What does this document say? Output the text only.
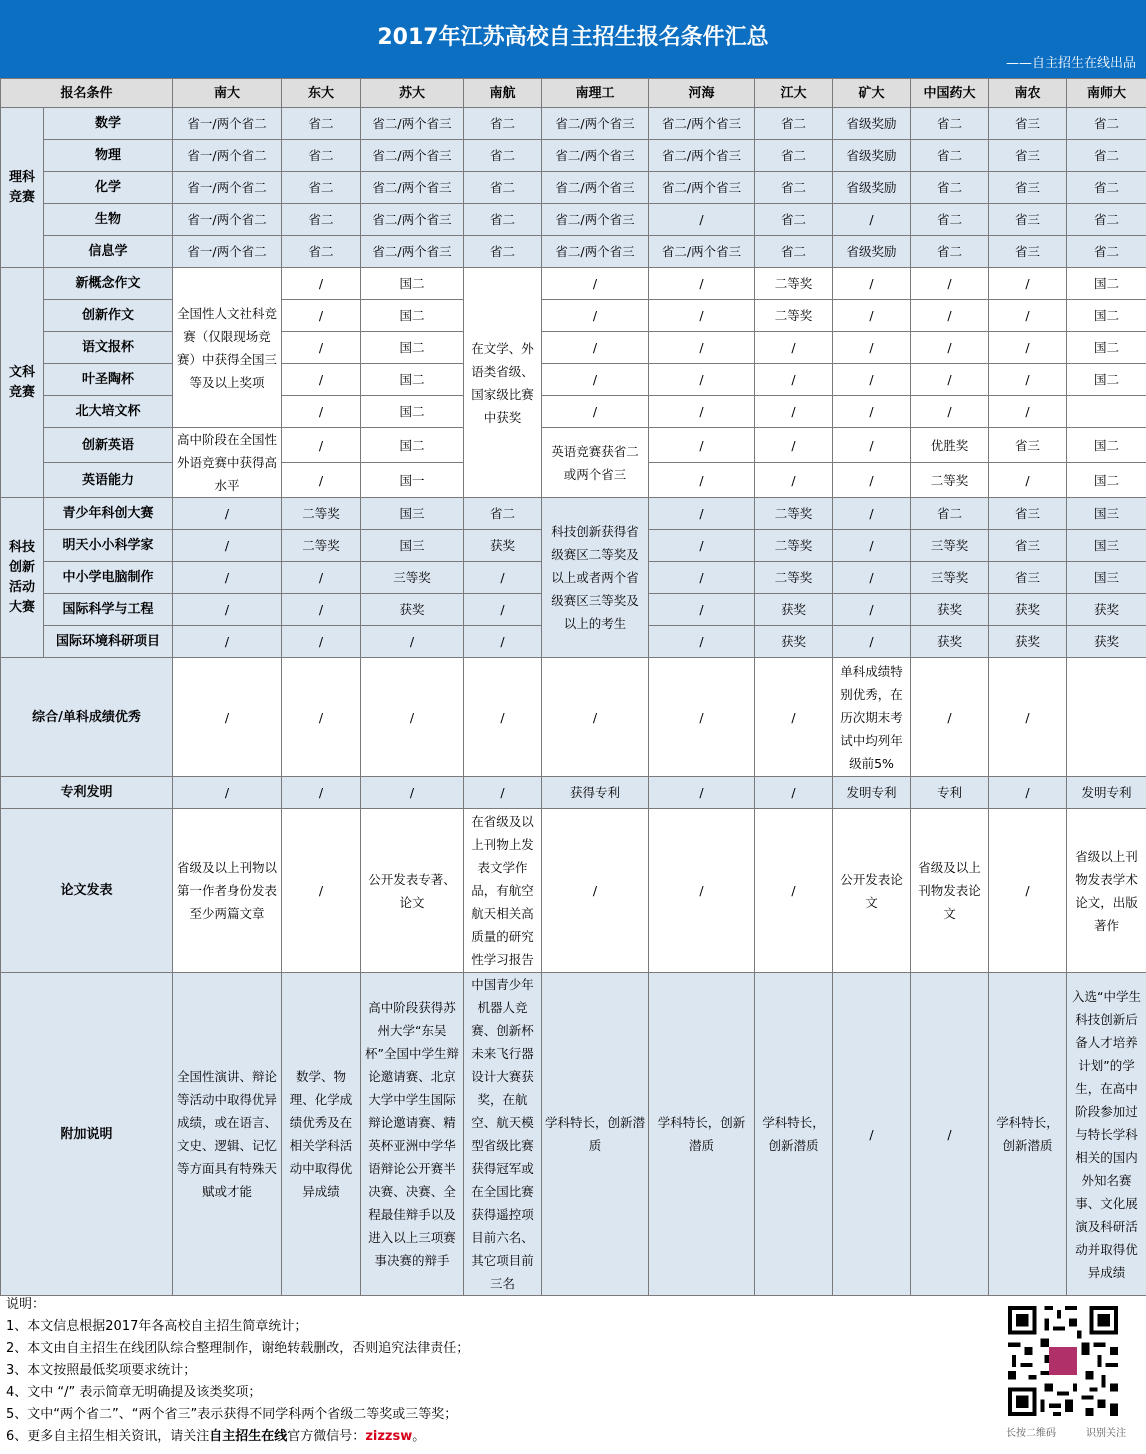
2017年江苏高校自主招生报名条件汇总
——自主招生在线出品
报名条件		南大	东大	苏大	南航	南理工	河海	江大	矿大	中国药大	南农	南师大
理科竞赛	数学	省一/两个省二	省二	省二/两个省三	省二	省二/两个省三	省二/两个省三	省二	省级奖励	省二	省三	省二
	物理	省一/两个省二	省二	省二/两个省三	省二	省二/两个省三	省二/两个省三	省二	省级奖励	省二	省三	省二
	化学	省一/两个省二	省二	省二/两个省三	省二	省二/两个省三	省二/两个省三	省二	省级奖励	省二	省三	省二
	生物	省一/两个省二	省二	省二/两个省三	省二	省二/两个省三	/	省二	/	省二	省三	省二
	信息学	省一/两个省二	省二	省二/两个省三	省二	省二/两个省三	省二/两个省三	省二	省级奖励	省二	省三	省二
文科竞赛	新概念作文	全国性人文社科竞赛（仅限现场竞赛）中获得全国三等及以上奖项	/	国二	在文学、外语类省级、国家级比赛中获奖	/	/	二等奖	/	/	/	国二
	创新作文		/	国二		/	/	二等奖	/	/	/	国二
	语文报杯		/	国二		/	/	/	/	/	/	国二
	叶圣陶杯		/	国二		/	/	/	/	/	/	国二
	北大培文杯		/	国二		/	/	/	/	/	/	
	创新英语	高中阶段在全国性外语竞赛中获得高水平	/	国二		英语竞赛获省二或两个省三	/	/	/	优胜奖	省三	国二
	英语能力		/	国一			/	/	/	二等奖	/	国二
科技创新活动大赛	青少年科创大赛	/	二等奖	国三	省二	科技创新获得省级赛区二等奖及以上或者两个省级赛区三等奖及以上的考生	/	二等奖	/	省二	省三	国三
	明天小小科学家	/	二等奖	国三	获奖		/	二等奖	/	三等奖	省三	国三
	中小学电脑制作	/	/	三等奖	/		/	二等奖	/	三等奖	省三	国三
	国际科学与工程	/	/	获奖	/		/	获奖	/	获奖	获奖	获奖
	国际环境科研项目	/	/	/	/		/	获奖	/	获奖	获奖	获奖
综合/单科成绩优秀		/	/	/	/	/	/	/	单科成绩特别优秀，在历次期末考试中均列年级前5%	/	/	
专利发明		/	/	/	/	获得专利	/	/	发明专利	专利	/	发明专利
论文发表		省级及以上刊物以第一作者身份发表至少两篇文章	/	公开发表专著、论文	在省级及以上刊物上发表文学作品，有航空航天相关高质量的研究性学习报告	/	/	/	公开发表论文	省级及以上刊物发表论文	/	省级以上刊物发表学术论文，出版著作
附加说明		全国性演讲、辩论等活动中取得优异成绩，或在语言、文史、逻辑、记忆等方面具有特殊天赋或才能	数学、物理、化学成绩优秀及在相关学科活动中取得优异成绩	高中阶段获得苏州大学“东吴杯”全国中学生辩论邀请赛、北京大学中学生国际辩论邀请赛、精英杯亚洲中学华语辩论公开赛半决赛、决赛、全程最佳辩手以及进入以上三项赛事决赛的辩手	中国青少年机器人竞赛、创新杯未来飞行器设计大赛获奖，在航空、航天模型省级比赛获得冠军或在全国比赛获得遥控项目前六名、其它项目前三名	学科特长，创新潜质	学科特长，创新潜质	学科特长，创新潜质	/	/	学科特长，创新潜质	入选“中学生科技创新后备人才培养计划”的学生，在高中阶段参加过与特长学科相关的国内外知名赛事、文化展演及科研活动并取得优异成绩
说明：
1、本文信息根据2017年各高校自主招生简章统计；
2、本文由自主招生在线团队综合整理制作，谢绝转载删改，否则追究法律责任；
3、本文按照最低奖项要求统计；
4、文中 “/” 表示简章无明确提及该类奖项；
5、文中“两个省二”、“两个省三”表示获得不同学科两个省级二等奖或三等奖；
6、更多自主招生相关资讯，请关注自主招生在线官方微信号：zizzsw。	长按二维码	识别关注
